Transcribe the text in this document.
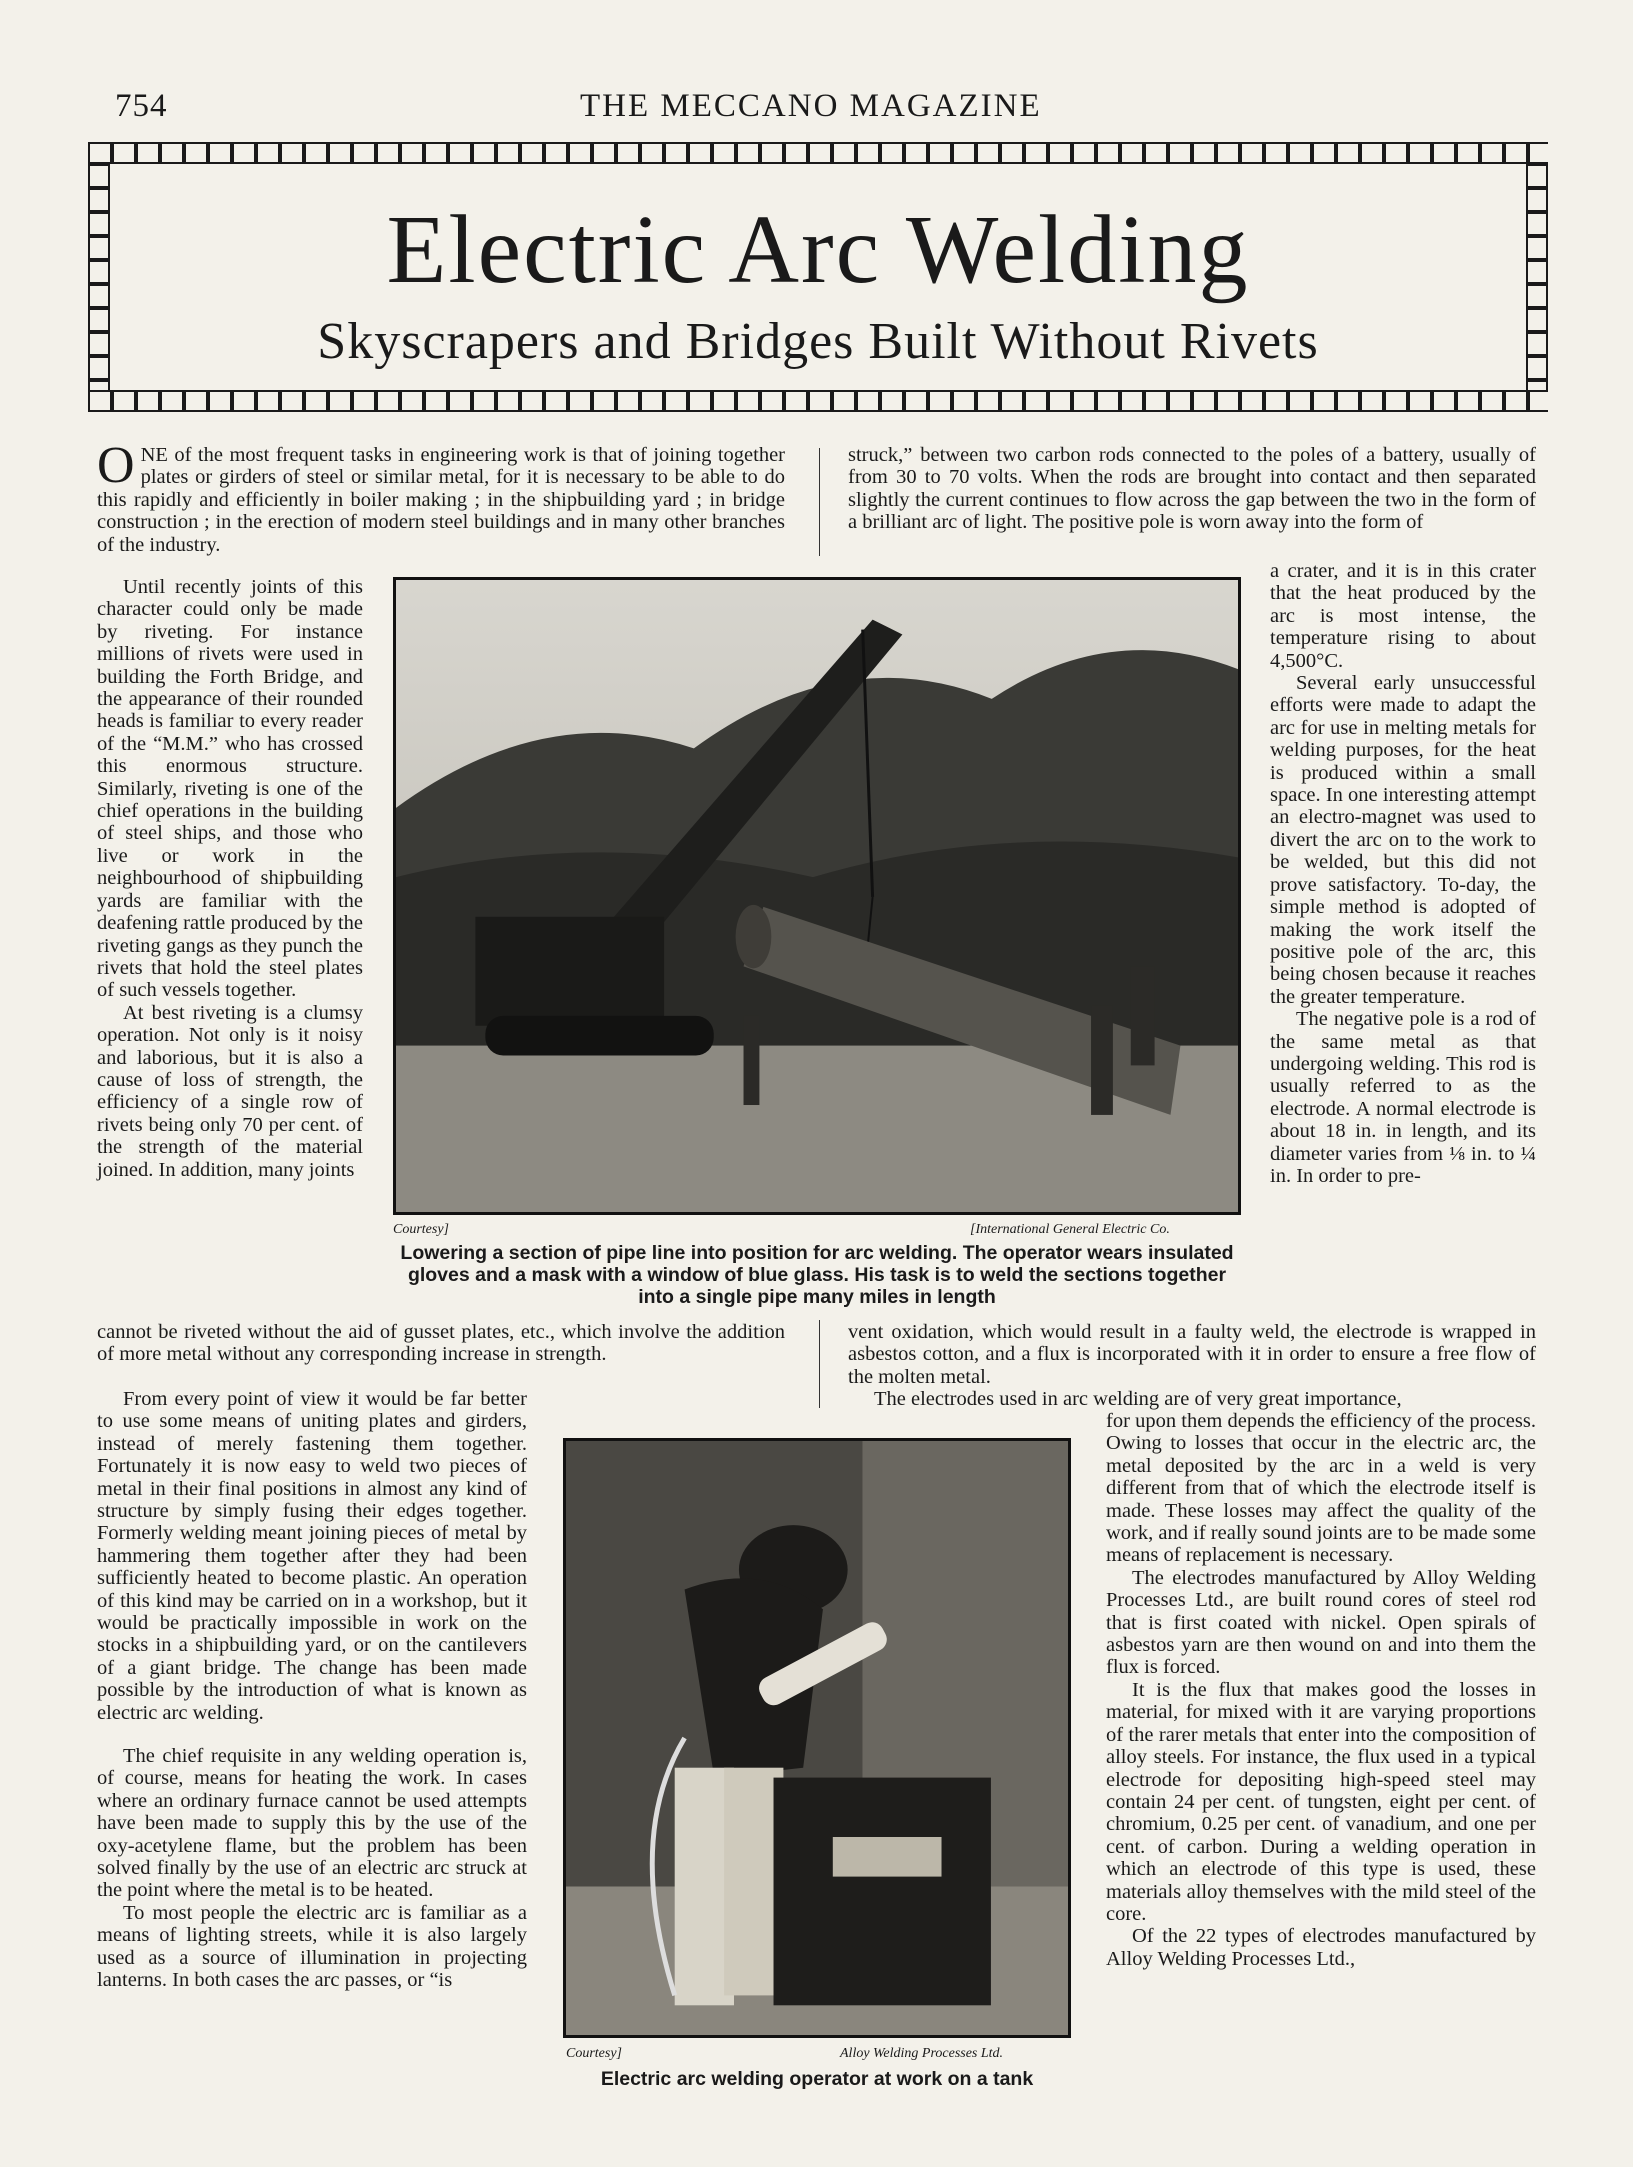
754	THE MECCANO MAGAZINE
Electric Arc Welding
Skyscrapers and Bridges Built Without Rivets

ONE of the most frequent tasks in engineering work is that of joining together plates or girders of steel or similar metal, for it is necessary to be able to do this rapidly and efficiently in boiler making ; in the shipbuilding yard ; in bridge construction ; in the erection of modern steel buildings and in many other branches of the industry.

Until recently joints of this character could only be made by riveting. For instance millions of rivets were used in building the Forth Bridge, and the appearance of their rounded heads is familiar to every reader of the “M.M.” who has crossed this enormous structure. Similarly, riveting is one of the chief operations in the building of steel ships, and those who live or work in the neighbourhood of shipbuilding yards are familiar with the deafening rattle produced by the riveting gangs as they punch the rivets that hold the steel plates of such vessels together.

At best riveting is a clumsy operation. Not only is it noisy and laborious, but it is also a cause of loss of strength, the efficiency of a single row of rivets being only 70 per cent. of the strength of the material joined. In addition, many joints

cannot be riveted without the aid of gusset plates, etc., which involve the addition of more metal without any corresponding increase in strength.

From every point of view it would be far better to use some means of uniting plates and girders, instead of merely fastening them together. Fortunately it is now easy to weld two pieces of metal in their final positions in almost any kind of structure by simply fusing their edges together. Formerly welding meant joining pieces of metal by hammering them together after they had been sufficiently heated to become plastic. An operation of this kind may be carried on in a workshop, but it would be practically impossible in work on the stocks in a shipbuilding yard, or on the cantilevers of a giant bridge. The change has been made possible by the introduction of what is known as electric arc welding.

The chief requisite in any welding operation is, of course, means for heating the work. In cases where an ordinary furnace cannot be used attempts have been made to supply this by the use of the oxy-acetylene flame, but the problem has been solved finally by the use of an electric arc struck at the point where the metal is to be heated.

To most people the electric arc is familiar as a means of lighting streets, while it is also largely used as a source of illumination in projecting lanterns. In both cases the arc passes, or “is

struck,” between two carbon rods connected to the poles of a battery, usually of from 30 to 70 volts. When the rods are brought into contact and then separated slightly the current continues to flow across the gap between the two in the form of a brilliant arc of light. The positive pole is worn away into the form of

a crater, and it is in this crater that the heat produced by the arc is most intense, the temperature rising to about 4,500°C.

Several early unsuccessful efforts were made to adapt the arc for use in melting metals for welding purposes, for the heat is produced within a small space. In one interesting attempt an electro-magnet was used to divert the arc on to the work to be welded, but this did not prove satisfactory. To-day, the simple method is adopted of making the work itself the positive pole of the arc, this being chosen because it reaches the greater temperature.

The negative pole is a rod of the same metal as that undergoing welding. This rod is usually referred to as the electrode. A normal electrode is about 18 in. in length, and its diameter varies from ⅛ in. to ¼ in. In order to pre-

vent oxidation, which would result in a faulty weld, the electrode is wrapped in asbestos cotton, and a flux is incorporated with it in order to ensure a free flow of the molten metal.

The electrodes used in arc welding are of very great importance,

for upon them depends the efficiency of the process. Owing to losses that occur in the electric arc, the metal deposited by the arc in a weld is very different from that of which the electrode itself is made. These losses may affect the quality of the work, and if really sound joints are to be made some means of replacement is necessary.

The electrodes manufactured by Alloy Welding Processes Ltd., are built round cores of steel rod that is first coated with nickel. Open spirals of asbestos yarn are then wound on and into them the flux is forced.

It is the flux that makes good the losses in material, for mixed with it are varying proportions of the rarer metals that enter into the composition of alloy steels. For instance, the flux used in a typical electrode for depositing high-speed steel may contain 24 per cent. of tungsten, eight per cent. of chromium, 0.25 per cent. of vanadium, and one per cent. of carbon. During a welding operation in which an electrode of this type is used, these materials alloy themselves with the mild steel of the core.

Of the 22 types of electrodes manufactured by Alloy Welding Processes Ltd.,

Courtesy]	[International General Electric Co.
Lowering a section of pipe line into position for arc welding. The operator wears insulated gloves and a mask with a window of blue glass. His task is to weld the sections together into a single pipe many miles in length
Courtesy]	Alloy Welding Processes Ltd.
Electric arc welding operator at work on a tank
